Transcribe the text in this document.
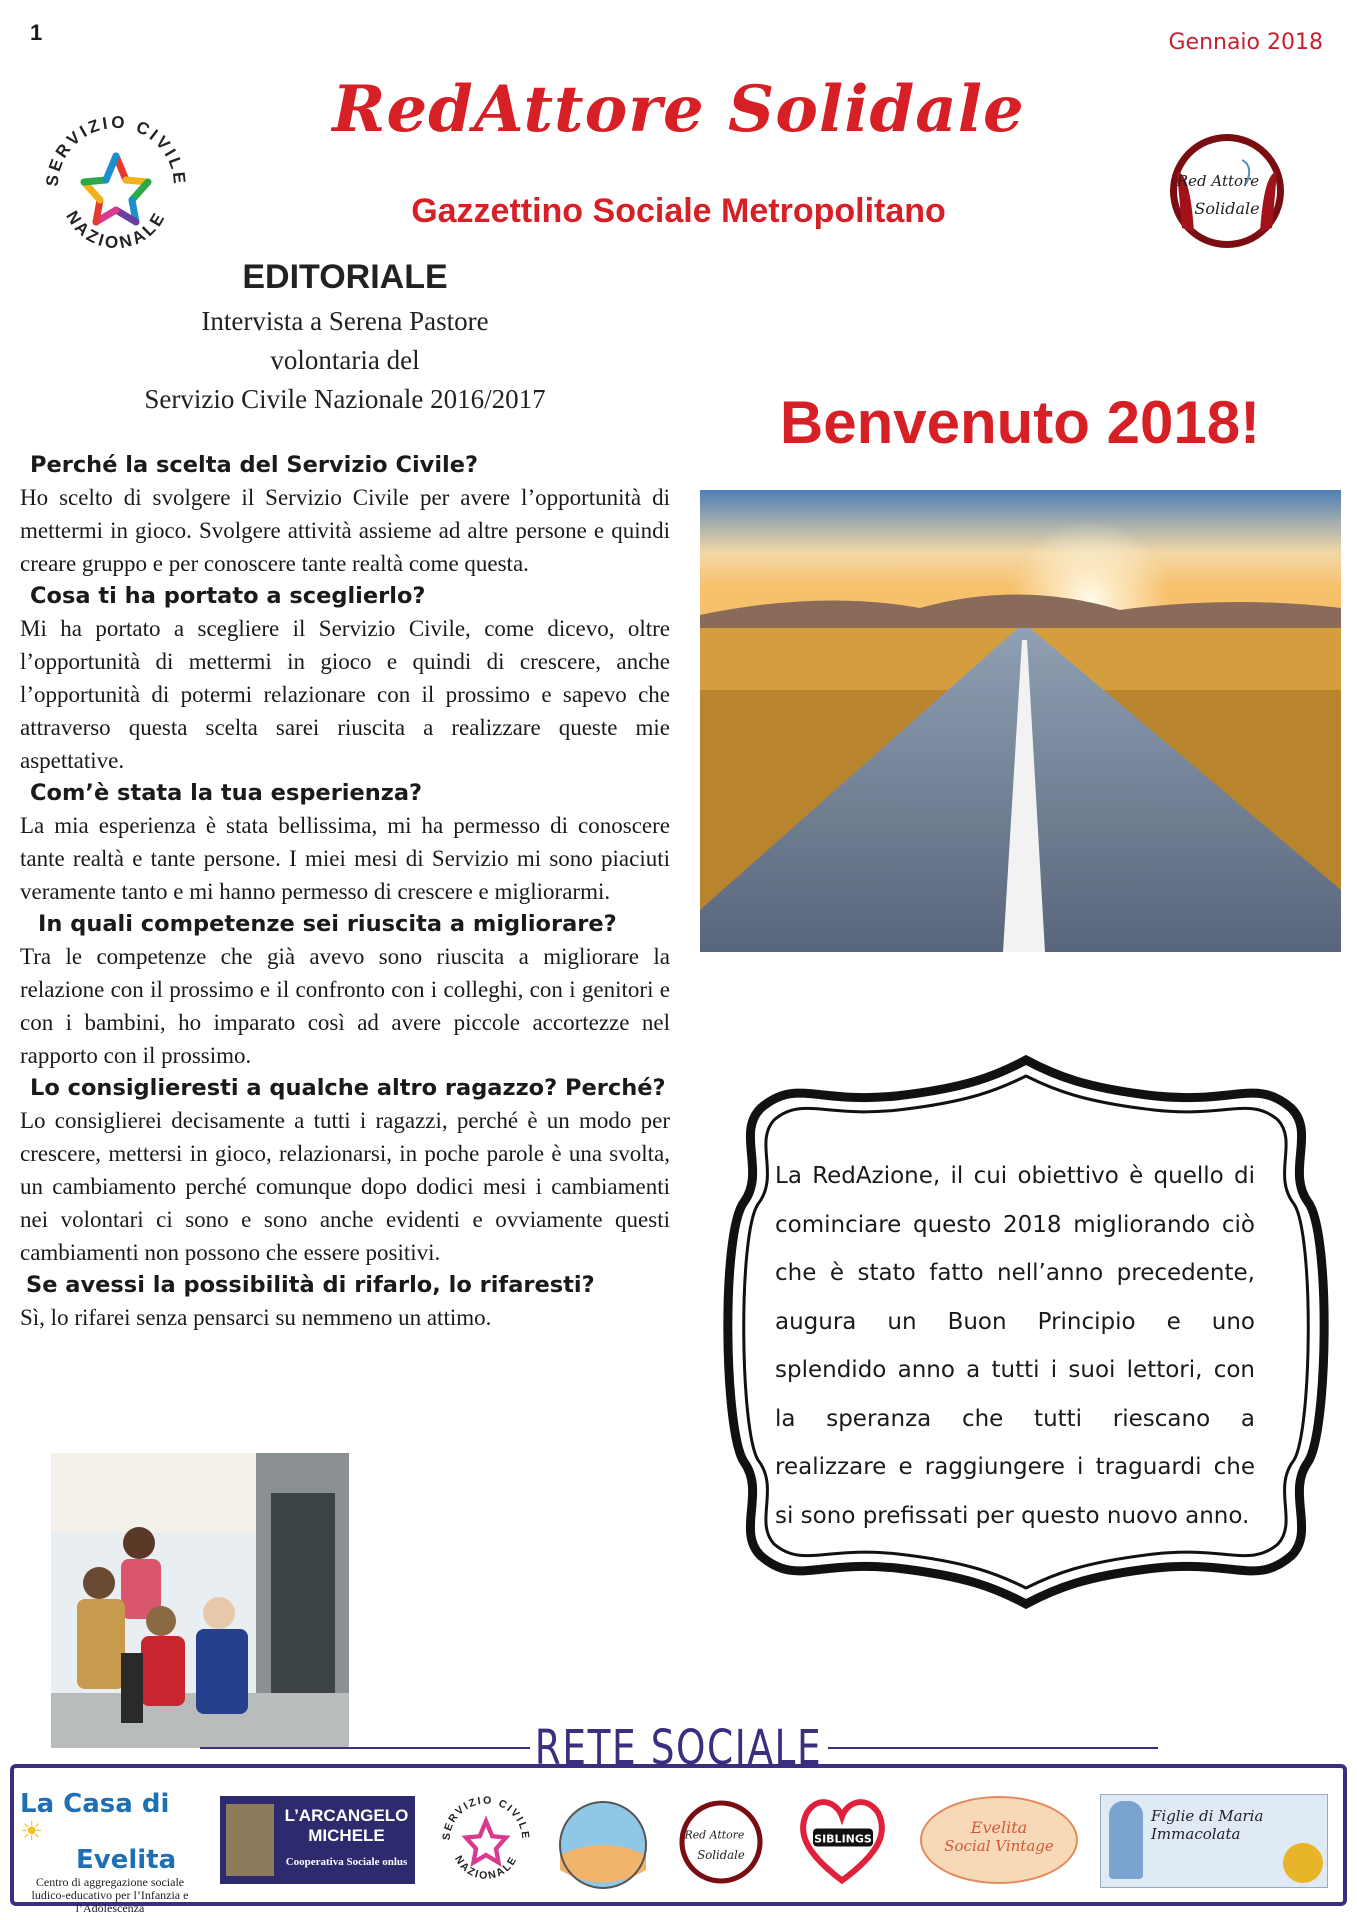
1	Gennaio 2018
RedAttore Solidale
Gazzettino Sociale Metropolitano
SERVIZIO CIVILE
NAZIONALE
Red Attore
Solidale
EDITORIALE
Intervista a Serena Pastore
volontaria del
Servizio Civile Nazionale 2016/2017
Perché la scelta del Servizio Civile?
Ho scelto di svolgere il Servizio Civile per avere l’opportunità di mettermi in gioco. Svolgere attività assieme ad altre persone e quindi creare gruppo e per conoscere tante realtà come questa.
Cosa ti ha portato a sceglierlo?
Mi ha portato a scegliere il Servizio Civile, come dicevo, oltre l’opportunità di mettermi in gioco e quindi di crescere, anche l’opportunità di potermi relazionare con il prossimo e sapevo che attraverso questa scelta sarei riuscita a realizzare queste mie aspettative.
Com’è stata la tua esperienza?
La mia esperienza è stata bellissima, mi ha permesso di conoscere tante realtà e tante persone. I miei mesi di Servizio mi sono piaciuti veramente tanto e mi hanno permesso di crescere e migliorarmi.
In quali competenze sei riuscita a migliorare?
Tra le competenze che già avevo sono riuscita a migliorare la relazione con il prossimo e il confronto con i colleghi, con i genitori e con i bambini, ho imparato così ad avere piccole accortezze nel rapporto con il prossimo.
Lo consiglieresti a qualche altro ragazzo? Perché?
Lo consiglierei decisamente a tutti i ragazzi, perché è un modo per crescere, mettersi in gioco, relazionarsi, in poche parole è una svolta, un cambiamento perché comunque dopo dodici mesi i cambiamenti nei volontari ci sono e sono anche evidenti e ovviamente questi cambiamenti non possono che essere positivi.
Se avessi la possibilità di rifarlo, lo rifaresti?
Sì, lo rifarei senza pensarci su nemmeno un attimo.
Benvenuto 2018!
La RedAzione, il cui obiettivo è quello di cominciare questo 2018 migliorando ciò che è stato fatto nell’anno precedente, augura un Buon Principio e uno splendido anno a tutti i suoi lettori, con la speranza che tutti riescano a realizzare e raggiungere i traguardi che si sono prefissati per questo nuovo anno.
RETE SOCIALE
La Casa di ☀
Evelita
Centro di aggregazione sociale ludico-educativo per l’Infanzia e l’Adolescenza
L’ARCANGELO
MICHELE
Cooperativa Sociale onlus
SERVIZIO CIVILE
NAZIONALE
Red Attore
Solidale
SIBLINGS
Evelita
Social Vintage
Figlie di Maria Immacolata
